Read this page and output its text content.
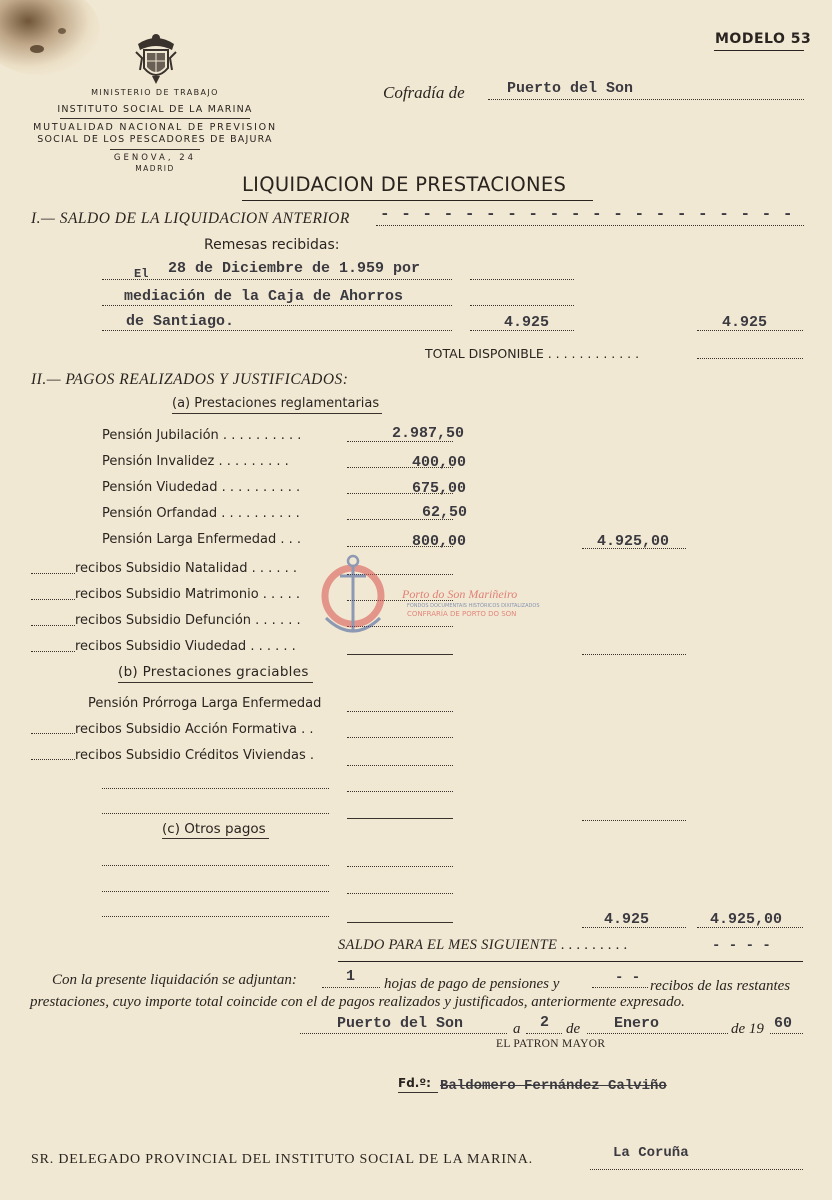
MODELO 53
MINISTERIO DE TRABAJO
INSTITUTO SOCIAL DE LA MARINA
MUTUALIDAD NACIONAL DE PREVISION
SOCIAL DE LOS PESCADORES DE BAJURA
GENOVA, 24
MADRID
Cofradía de	Puerto del Son
LIQUIDACION DE PRESTACIONES
I.— SALDO DE LA LIQUIDACION ANTERIOR - - - - - - - - - - - - - - - - - - - -
Remesas recibidas:
El 28 de Diciembre de 1.959 por
mediación de la Caja de Ahorros
de Santiago.	4.925	4.925
TOTAL DISPONIBLE . . . . . . . . . . . .
II.— PAGOS REALIZADOS Y JUSTIFICADOS:
(a) Prestaciones reglamentarias
Pensión Jubilación . . . . . . . . . .	2.987,50
Pensión Invalidez . . . . . . . . .	400,00
Pensión Viudedad . . . . . . . . . .	675,00
Pensión Orfandad . . . . . . . . . .	62,50
Pensión Larga Enfermedad . . .	800,00	4.925,00
recibos Subsidio Natalidad . . . . . .
recibos Subsidio Matrimonio . . . . .
recibos Subsidio Defunción . . . . . .
recibos Subsidio Viudedad . . . . . .
(b) Prestaciones graciables
Pensión Prórroga Larga Enfermedad
recibos Subsidio Acción Formativa . .
recibos Subsidio Créditos Viviendas .
(c) Otros pagos
4.925	4.925,00
SALDO PARA EL MES SIGUIENTE . . . . . . . . .	- - - -
Con la presente liquidación se adjuntan:	1 hojas de pago de pensiones y	- - recibos de las restantes
prestaciones, cuyo importe total coincide con el de pagos realizados y justificados, anteriormente expresado.
Puerto del Son	a 2 de Enero	de 19 60
EL PATRON MAYOR
Fd.º: Baldomero Fernández Calviño
SR. DELEGADO PROVINCIAL DEL INSTITUTO SOCIAL DE LA MARINA.	La Coruña
Porto do Son Mariñeiro
FONDOS DOCUMENTAIS HISTÓRICOS DIXITALIZADOS
CONFRARÍA DE PORTO DO SON
